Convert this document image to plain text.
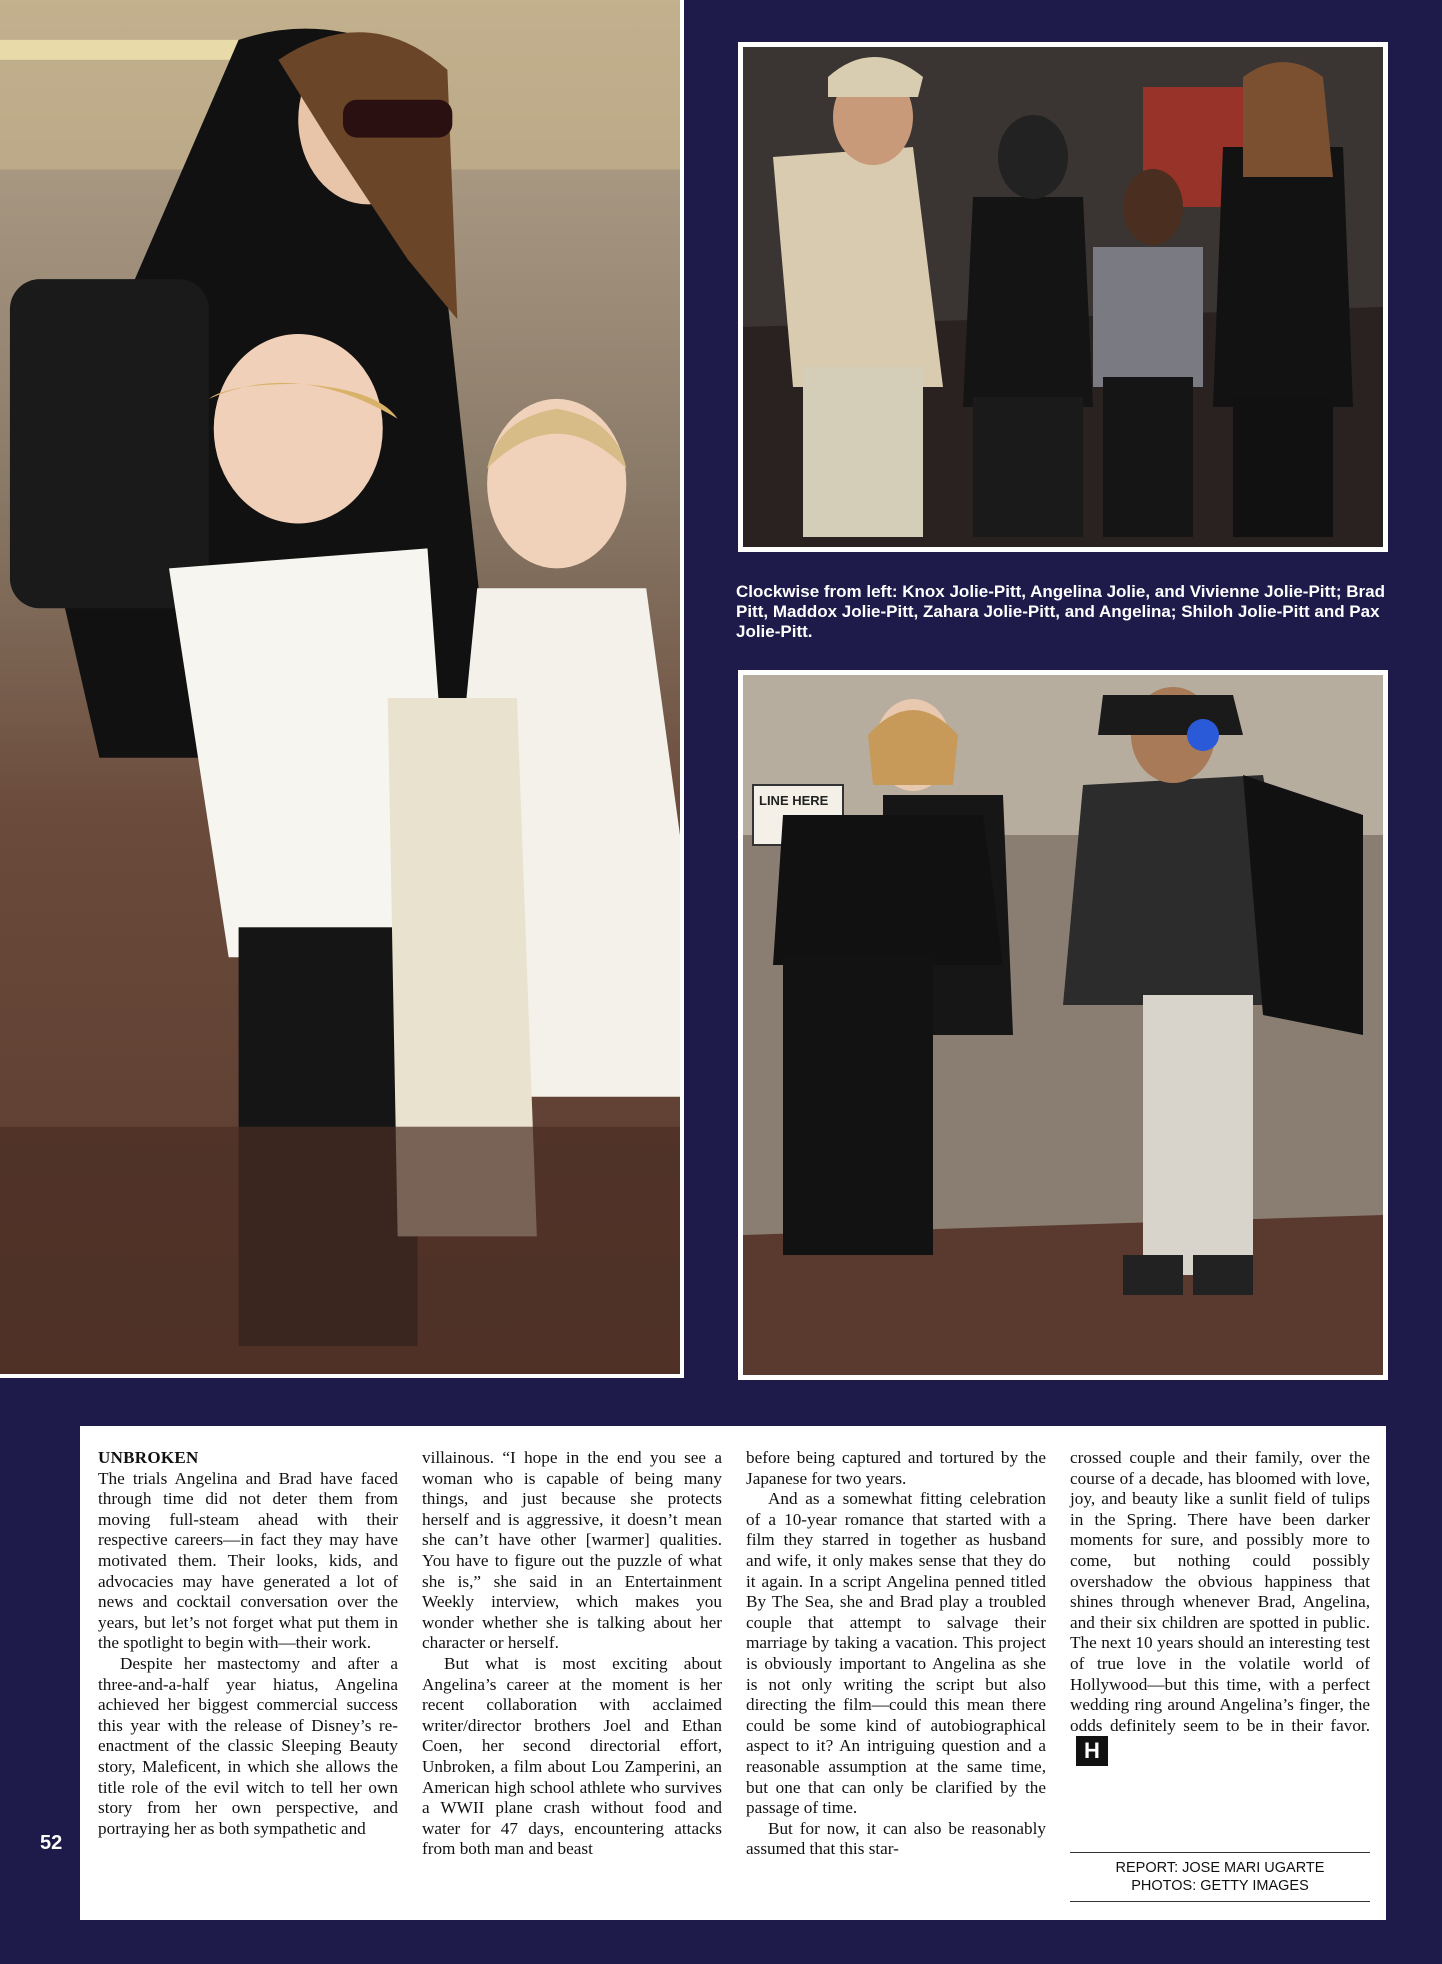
Clockwise from left: Knox Jolie-Pitt, Angelina Jolie, and Vivienne Jolie-Pitt; Brad Pitt, Maddox Jolie-Pitt, Zahara Jolie-Pitt, and Angelina; Shiloh Jolie-Pitt and Pax Jolie-Pitt.
LINE HERE

UNBROKEN

The trials Angelina and Brad have faced through time did not deter them from moving full-steam ahead with their respective careers—in fact they may have motivated them. Their looks, kids, and advocacies may have generated a lot of news and cocktail conversation over the years, but let’s not forget what put them in the spotlight to begin with—their work.

Despite her mastectomy and after a three-and-a-half year hiatus, Angelina achieved her biggest commercial success this year with the release of Disney’s re-enactment of the classic Sleeping Beauty story, Maleficent, in which she allows the title role of the evil witch to tell her own story from her own perspective, and portraying her as both sympathetic and

villainous. “I hope in the end you see a woman who is capable of being many things, and just because she protects herself and is aggressive, it doesn’t mean she can’t have other [warmer] qualities. You have to figure out the puzzle of what she is,” she said in an Entertainment Weekly interview, which makes you wonder whether she is talking about her character or herself.

But what is most exciting about Angelina’s career at the moment is her recent collaboration with acclaimed writer/director brothers Joel and Ethan Coen, her second directorial effort, Unbroken, a film about Lou Zamperini, an American high school athlete who survives a WWII plane crash without food and water for 47 days, encountering attacks from both man and beast

before being captured and tortured by the Japanese for two years.

And as a somewhat fitting celebration of a 10-year romance that started with a film they starred in together as husband and wife, it only makes sense that they do it again. In a script Angelina penned titled By The Sea, she and Brad play a troubled couple that attempt to salvage their marriage by taking a vacation. This project is obviously important to Angelina as she is not only writing the script but also directing the film—could this mean there could be some kind of autobiographical aspect to it? An intriguing question and a reasonable assumption at the same time, but one that can only be clarified by the passage of time.

But for now, it can also be reasonably assumed that this star-

crossed couple and their family, over the course of a decade, has bloomed with love, joy, and beauty like a sunlit field of tulips in the Spring. There have been darker moments for sure, and possibly more to come, but nothing could possibly overshadow the obvious happiness that shines through whenever Brad, Angelina, and their six children are spotted in public. The next 10 years should an interesting test of true love in the volatile world of Hollywood—but this time, with a perfect wedding ring around Angelina’s finger, the odds definitely seem to be in their favor.H

REPORT: JOSE MARI UGARTE
PHOTOS: GETTY IMAGES
52
